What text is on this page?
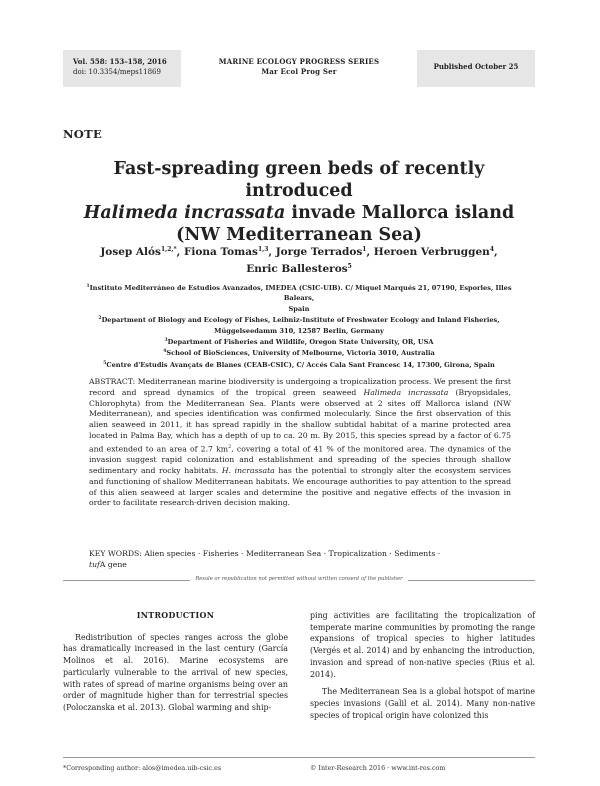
Vol. 558: 153–158, 2016
doi: 10.3354/meps11869
MARINE ECOLOGY PROGRESS SERIES
Mar Ecol Prog Ser
Published October 25
NOTE
Fast-spreading green beds of recently introduced
Halimeda incrassata invade Mallorca island
(NW Mediterranean Sea)
Josep Alós$^{1,2,*}$, Fiona Tomas$^{1,3}$, Jorge Terrados$^1$, Heroen Verbruggen$^4$,
Enric Ballesteros$^5$
$^1$Instituto Mediterráneo de Estudios Avanzados, IMEDEA (CSIC-UIB). C/ Miquel Marqués 21, 07190, Esporles, Illes Balears,
Spain
$^2$Department of Biology and Ecology of Fishes, Leibniz-Institute of Freshwater Ecology and Inland Fisheries,
Müggelseedamm 310, 12587 Berlin, Germany
$^3$Department of Fisheries and Wildlife, Oregon State University, OR, USA
$^4$School of BioSciences, University of Melbourne, Victoria 3010, Australia
$^5$Centre d'Estudis Avançats de Blanes (CEAB-CSIC), C/ Accés Cala Sant Francesc 14, 17300, Girona, Spain
ABSTRACT: Mediterranean marine biodiversity is undergoing a tropicalization process. We present the first record and spread dynamics of the tropical green seaweed Halimeda incrassata (Bryopsidales, Chlorophyta) from the Mediterranean Sea. Plants were observed at 2 sites off Mallorca island (NW Mediterranean), and species identification was confirmed molecularly. Since the first observation of this alien seaweed in 2011, it has spread rapidly in the shallow subtidal habitat of a marine protected area located in Palma Bay, which has a depth of up to ca. 20 m. By 2015, this species spread by a factor of 6.75 and extended to an area of 2.7 $km^2$, covering a total of 41 % of the monitored area. The dynamics of the invasion suggest rapid colonization and establishment and spreading of the species through shallow sedimentary and rocky habitats. H. incrassata has the potential to strongly alter the ecosystem services and functioning of shallow Mediterranean habitats. We encourage authorities to pay attention to the spread of this alien seaweed at larger scales and determine the positive and negative effects of the invasion in order to facilitate research-driven decision making.
KEY WORDS: Alien species · Fisheries · Mediterranean Sea · Tropicalization · Sediments ·
tufA gene
Resale or republication not permitted without written consent of the publisher
INTRODUCTION

Redistribution of species ranges across the globe has dramatically increased in the last century (García Molinos et al. 2016). Marine ecosystems are particularly vulnerable to the arrival of new species, with rates of spread of marine organisms being over an order of magnitude higher than for terrestrial species (Poloczanska et al. 2013). Global warming and ship-

ping activities are facilitating the tropicalization of temperate marine communities by promoting the range expansions of tropical species to higher latitudes (Vergés et al. 2014) and by enhancing the introduction, invasion and spread of non-native species (Rius et al. 2014).

The Mediterranean Sea is a global hotspot of marine species invasions (Galil et al. 2014). Many non-native species of tropical origin have colonized this

*Corresponding author: alos@imedea.uib-csic.es	© Inter-Research 2016 · www.int-res.com
